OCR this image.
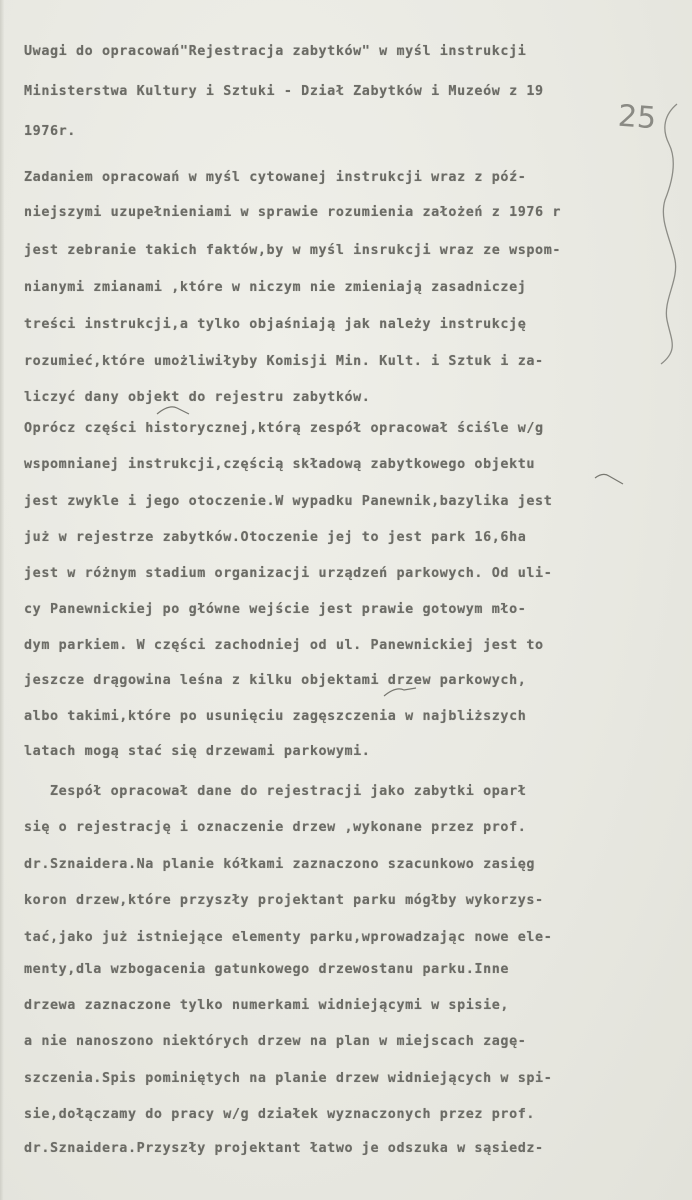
Uwagi do opracowań"Rejestracja zabytków" w myśl instrukcji
Ministerstwa Kultury i Sztuki - Dział Zabytków i Muzeów z 19
1976r.
Zadaniem opracowań w myśl cytowanej instrukcji wraz z póź-
niejszymi uzupełnieniami w sprawie rozumienia założeń z 1976 r
jest zebranie takich faktów,by w myśl insrukcji wraz ze wspom-
nianymi zmianami ,które w niczym nie zmieniają zasadniczej
treści instrukcji,a tylko objaśniają jak należy instrukcję
rozumieć,które umożliwiłyby Komisji Min. Kult. i Sztuk i za-
liczyć dany objekt do rejestru zabytków.
Oprócz części historycznej,którą zespół opracował ściśle w/g
wspomnianej instrukcji,częścią składową zabytkowego objektu
jest zwykle i jego otoczenie.W wypadku Panewnik,bazylika jest
już w rejestrze zabytków.Otoczenie jej to jest park 16,6ha
jest w różnym stadium organizacji urządzeń parkowych. Od uli-
cy Panewnickiej po główne wejście jest prawie gotowym mło-
dym parkiem. W części zachodniej od ul. Panewnickiej jest to
jeszcze drągowina leśna z kilku objektami drzew parkowych,
albo takimi,które po usunięciu zagęszczenia w najbliższych
latach mogą stać się drzewami parkowymi.
Zespół opracował dane do rejestracji jako zabytki oparł
się o rejestrację i oznaczenie drzew ,wykonane przez prof.
dr.Sznaidera.Na planie kółkami zaznaczono szacunkowo zasięg
koron drzew,które przyszły projektant parku mógłby wykorzys-
tać,jako już istniejące elementy parku,wprowadzając nowe ele-
menty,dla wzbogacenia gatunkowego drzewostanu parku.Inne
drzewa zaznaczone tylko numerkami widniejącymi w spisie,
a nie nanoszono niektórych drzew na plan w miejscach zagę-
szczenia.Spis pominiętych na planie drzew widniejących w spi-
sie,dołączamy do pracy w/g działek wyznaczonych przez prof.
dr.Sznaidera.Przyszły projektant łatwo je odszuka w sąsiedz-
25
